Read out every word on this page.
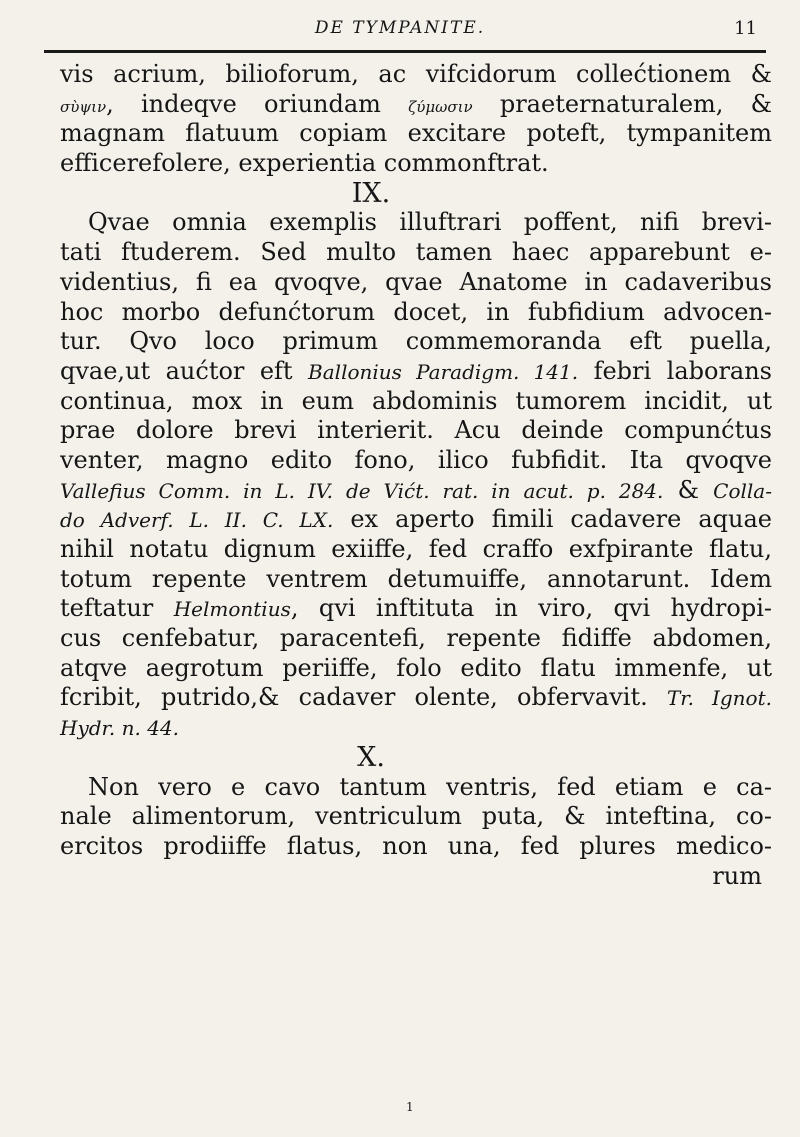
DE TYMPANITE.	11
vis acrium, bilioforum, ac vifcidorum collećtionem &
σὺψιν, indeqve oriundam ζύμωσιν praeternaturalem, &
magnam flatuum copiam excitare poteft, tympanitem
efficerefolere, experientia commonftrat.
IX.
Qvae omnia exemplis illuftrari poffent, nifi brevi-
tati ftuderem. Sed multo tamen haec apparebunt e-
videntius, fi ea qvoqve, qvae Anatome in cadaveribus
hoc morbo defunćtorum docet, in fubfidium advocen-
tur. Qvo loco primum commemoranda eft puella,
qvae,ut aućtor eft Ballonius Paradigm. 141. febri laborans
continua, mox in eum abdominis tumorem incidit, ut
prae dolore brevi interierit. Acu deinde compunćtus
venter, magno edito fono, ilico fubfidit. Ita qvoqve
Vallefius Comm. in L. IV. de Vićt. rat. in acut. p. 284. & Colla-
do Adverf. L. II. C. LX. ex aperto fimili cadavere aquae
nihil notatu dignum exiiffe, fed craffo exfpirante flatu,
totum repente ventrem detumuiffe, annotarunt. Idem
teftatur Helmontius, qvi inftituta in viro, qvi hydropi-
cus cenfebatur, paracentefi, repente fidiffe abdomen,
atqve aegrotum periiffe, folo edito flatu immenfe, ut
fcribit, putrido,& cadaver olente, obfervavit. Tr. Ignot.
Hydr. n. 44.
X.
Non vero e cavo tantum ventris, fed etiam e ca-
nale alimentorum, ventriculum puta, & inteftina, co-
ercitos prodiiffe flatus, non una, fed plures medico-
rum
1
